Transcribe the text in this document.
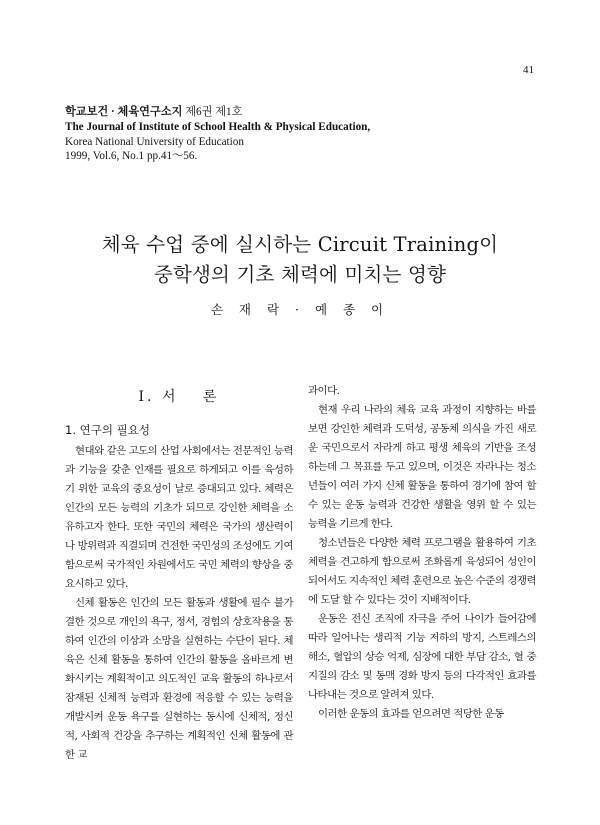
41
학교보건 · 체육연구소지 제6권 제1호
The Journal of Institute of School Health & Physical Education,
Korea National University of Education
1999, Vol.6, No.1 pp.41～56.
체육 수업 중에 실시하는 Circuit Training이
중학생의 기초 체력에 미치는 영향
손 재 락 · 예 종 이
Ⅰ. 서　 론
1. 연구의 필요성

현대와 같은 고도의 산업 사회에서는 전문적인 능력과 기능을 갖춘 인재를 필요로 하게되고 이를 육성하기 위한 교육의 중요성이 날로 증대되고 있다. 체력은 인간의 모든 능력의 기초가 되므로 강인한 체력을 소유하고자 한다. 또한 국민의 체력은 국가의 생산력이나 방위력과 직결되며 건전한 국민성의 조성에도 기여함으로써 국가적인 차원에서도 국민 체력의 향상을 중요시하고 있다.

신체 활동은 인간의 모든 활동과 생활에 필수 불가결한 것으로 개인의 욕구, 정서, 경험의 상호작용을 통하여 인간의 이상과 소망을 실현하는 수단이 된다. 체육은 신체 활동을 통하여 인간의 활동을 올바르게 변화시키는 계획적이고 의도적인 교육 활동의 하나로서 잠재된 신체적 능력과 환경에 적응할 수 있는 능력을 개발시켜 운동 욕구를 실현하는 동시에 신체적, 정신적, 사회적 건강을 추구하는 계획적인 신체 활동에 관한 교

과이다.

현재 우리 나라의 체육 교육 과정이 지향하는 바를 보면 강인한 체력과 도덕성, 공동체 의식을 가진 새로운 국민으로서 자라게 하고 평생 체육의 기반을 조성하는데 그 목표를 두고 있으며, 이것은 자라나는 청소년들이 여러 가지 신체 활동을 통하여 경기에 참여 할 수 있는 운동 능력과 건강한 생활을 영위 할 수 있는 능력을 기르게 한다.

청소년들은 다양한 체력 프로그램을 활용하여 기초 체력을 견고하게 함으로써 조화롭게 육성되어 성인이 되어서도 지속적인 체력 훈련으로 높은 수준의 경쟁력에 도달 할 수 있다는 것이 지배적이다.

운동은 전신 조직에 자극을 주어 나이가 들어감에 따라 일어나는 생리적 기능 저하의 방지, 스트레스의 해소, 혈압의 상승 억제, 심장에 대한 부담 감소, 혈 중 지질의 감소 및 동맥 경화 방지 등의 다각적인 효과를 나타내는 것으로 알려져 있다.

이러한 운동의 효과를 얻으려면 적당한 운동
